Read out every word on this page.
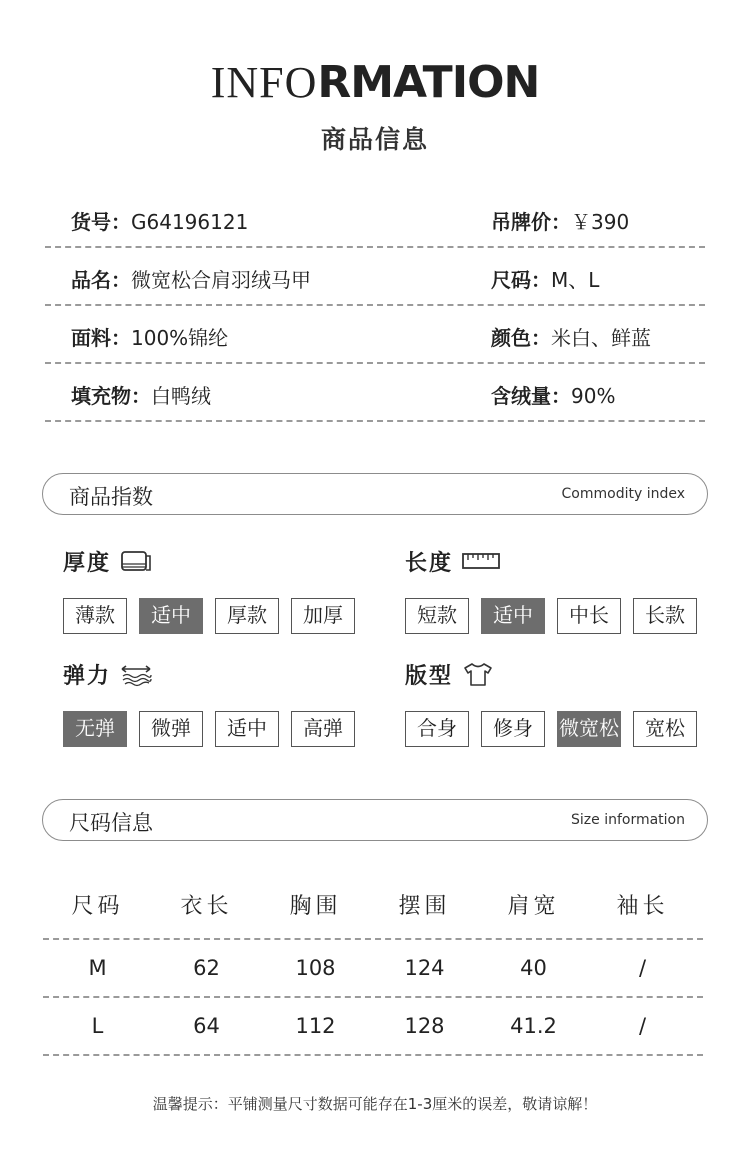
INFORMATION
商品信息
货号：G64196121	吊牌价：￥390
品名：微宽松合肩羽绒马甲	尺码：M、L
面料：100%锦纶	颜色：米白、鲜蓝
填充物：白鸭绒	含绒量：90%
商品指数	Commodity index
厚度
薄款	适中	厚款	加厚
长度
短款	适中	中长	长款
弹力
无弹	微弹	适中	高弹
版型
合身	修身	微宽松	宽松
尺码信息	Size information
尺码	衣长	胸围	摆围	肩宽	袖长
M	62	108	124	40	/
L	64	112	128	41.2	/
温馨提示：平铺测量尺寸数据可能存在1-3厘米的误差，敬请谅解！
